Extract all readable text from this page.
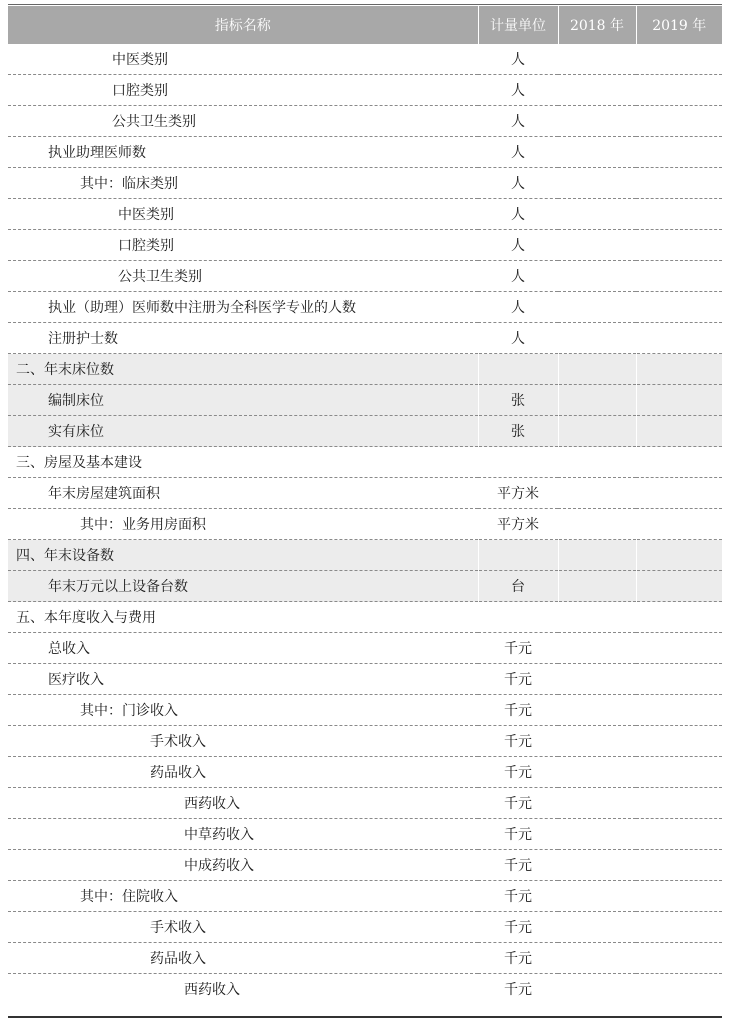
指标名称	计量单位	2018 年	2019 年
中医类别	人		
口腔类别	人		
公共卫生类别	人		
执业助理医师数	人		
其中：临床类别	人		
中医类别	人		
口腔类别	人		
公共卫生类别	人		
执业（助理）医师数中注册为全科医学专业的人数	人		
注册护士数	人		
二、年末床位数			
编制床位	张		
实有床位	张		
三、房屋及基本建设			
年末房屋建筑面积	平方米		
其中：业务用房面积	平方米		
四、年末设备数			
年末万元以上设备台数	台		
五、本年度收入与费用			
总收入	千元		
医疗收入	千元		
其中：门诊收入	千元		
手术收入	千元		
药品收入	千元		
西药收入	千元		
中草药收入	千元		
中成药收入	千元		
其中：住院收入	千元		
手术收入	千元		
药品收入	千元		
西药收入	千元		
